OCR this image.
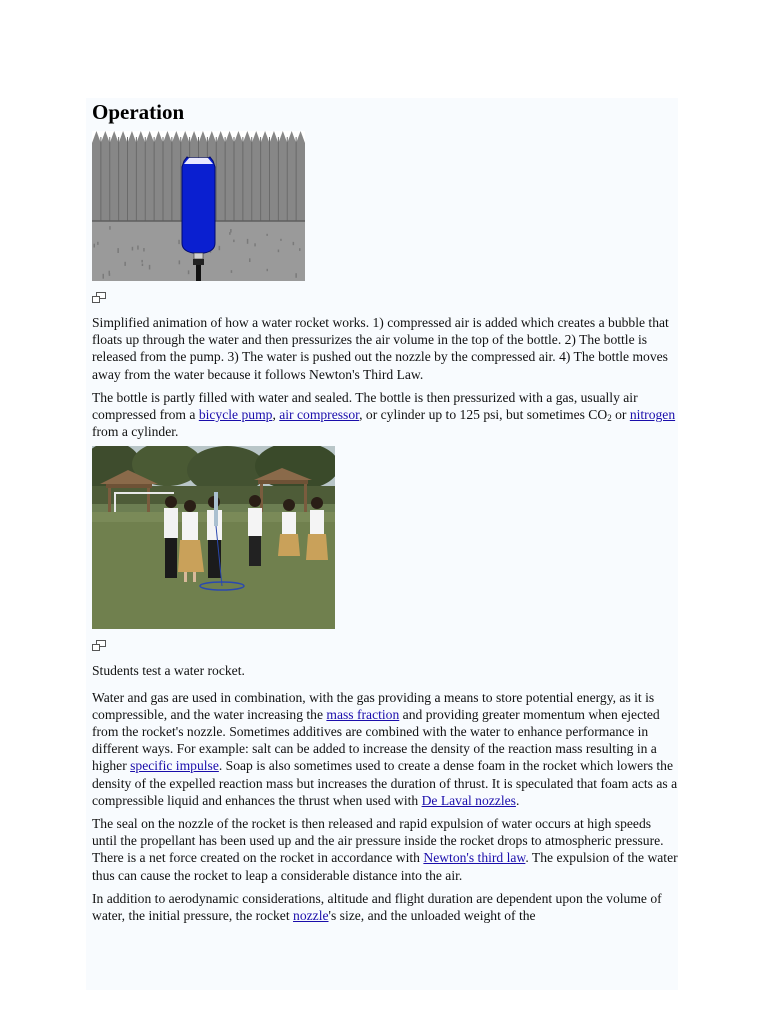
Operation

Simplified animation of how a water rocket works. 1) compressed air is added which creates a bubble that floats up through the water and then pressurizes the air volume in the top of the bottle. 2) The bottle is released from the pump. 3) The water is pushed out the nozzle by the compressed air. 4) The bottle moves away from the water because it follows Newton's Third Law.

The bottle is partly filled with water and sealed. The bottle is then pressurized with a gas, usually air compressed from a bicycle pump, air compressor, or cylinder up to 125 psi, but sometimes $CO_2$ or nitrogen from a cylinder.

Students test a water rocket.

Water and gas are used in combination, with the gas providing a means to store potential energy, as it is compressible, and the water increasing the mass fraction and providing greater momentum when ejected from the rocket's nozzle. Sometimes additives are combined with the water to enhance performance in different ways. For example: salt can be added to increase the density of the reaction mass resulting in a higher specific impulse. Soap is also sometimes used to create a dense foam in the rocket which lowers the density of the expelled reaction mass but increases the duration of thrust. It is speculated that foam acts as a compressible liquid and enhances the thrust when used with De Laval nozzles.

The seal on the nozzle of the rocket is then released and rapid expulsion of water occurs at high speeds until the propellant has been used up and the air pressure inside the rocket drops to atmospheric pressure. There is a net force created on the rocket in accordance with Newton's third law. The expulsion of the water thus can cause the rocket to leap a considerable distance into the air.

In addition to aerodynamic considerations, altitude and flight duration are dependent upon the volume of water, the initial pressure, the rocket nozzle's size, and the unloaded weight of the
